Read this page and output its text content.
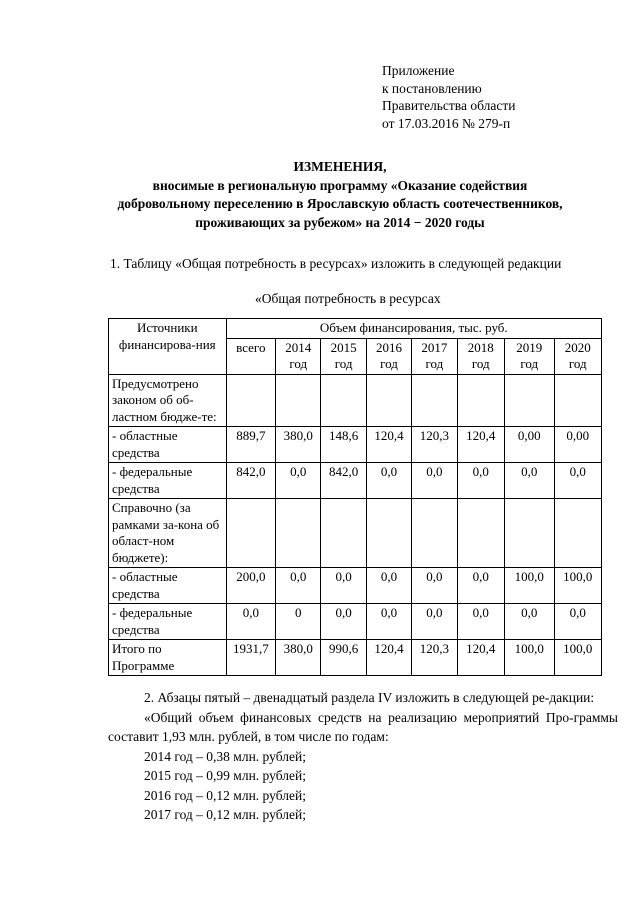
Приложение
к постановлению
Правительства области
от 17.03.2016 № 279-п
ИЗМЕНЕНИЯ,
вносимые в региональную программу «Оказание содействия
добровольному переселению в Ярославскую область соотечественников,
проживающих за рубежом» на 2014 − 2020 годы
1. Таблицу «Общая потребность в ресурсах» изложить в следующей редакции
«Общая потребность в ресурсах
Источники финансирова-ния	Объем финансирования, тыс. руб.							
	всего	2014 год	2015 год	2016 год	2017 год	2018 год	2019 год	2020 год
Предусмотрено законом об об-ластном бюдже-те:								
- областные средства	889,7	380,0	148,6	120,4	120,3	120,4	0,00	0,00
- федеральные средства	842,0	0,0	842,0	0,0	0,0	0,0	0,0	0,0
Справочно (за рамками за-кона об област-ном бюджете):								
- областные средства	200,0	0,0	0,0	0,0	0,0	0,0	100,0	100,0
- федеральные средства	0,0	0	0,0	0,0	0,0	0,0	0,0	0,0
Итого по Программе	1931,7	380,0	990,6	120,4	120,3	120,4	100,0	100,0
2. Абзацы пятый – двенадцатый раздела IV изложить в следующей ре-дакции:
«Общий объем финансовых средств на реализацию мероприятий Про-граммы составит 1,93 млн. рублей, в том числе по годам:
2014 год – 0,38 млн. рублей;
2015 год – 0,99 млн. рублей;
2016 год – 0,12 млн. рублей;
2017 год – 0,12 млн. рублей;
